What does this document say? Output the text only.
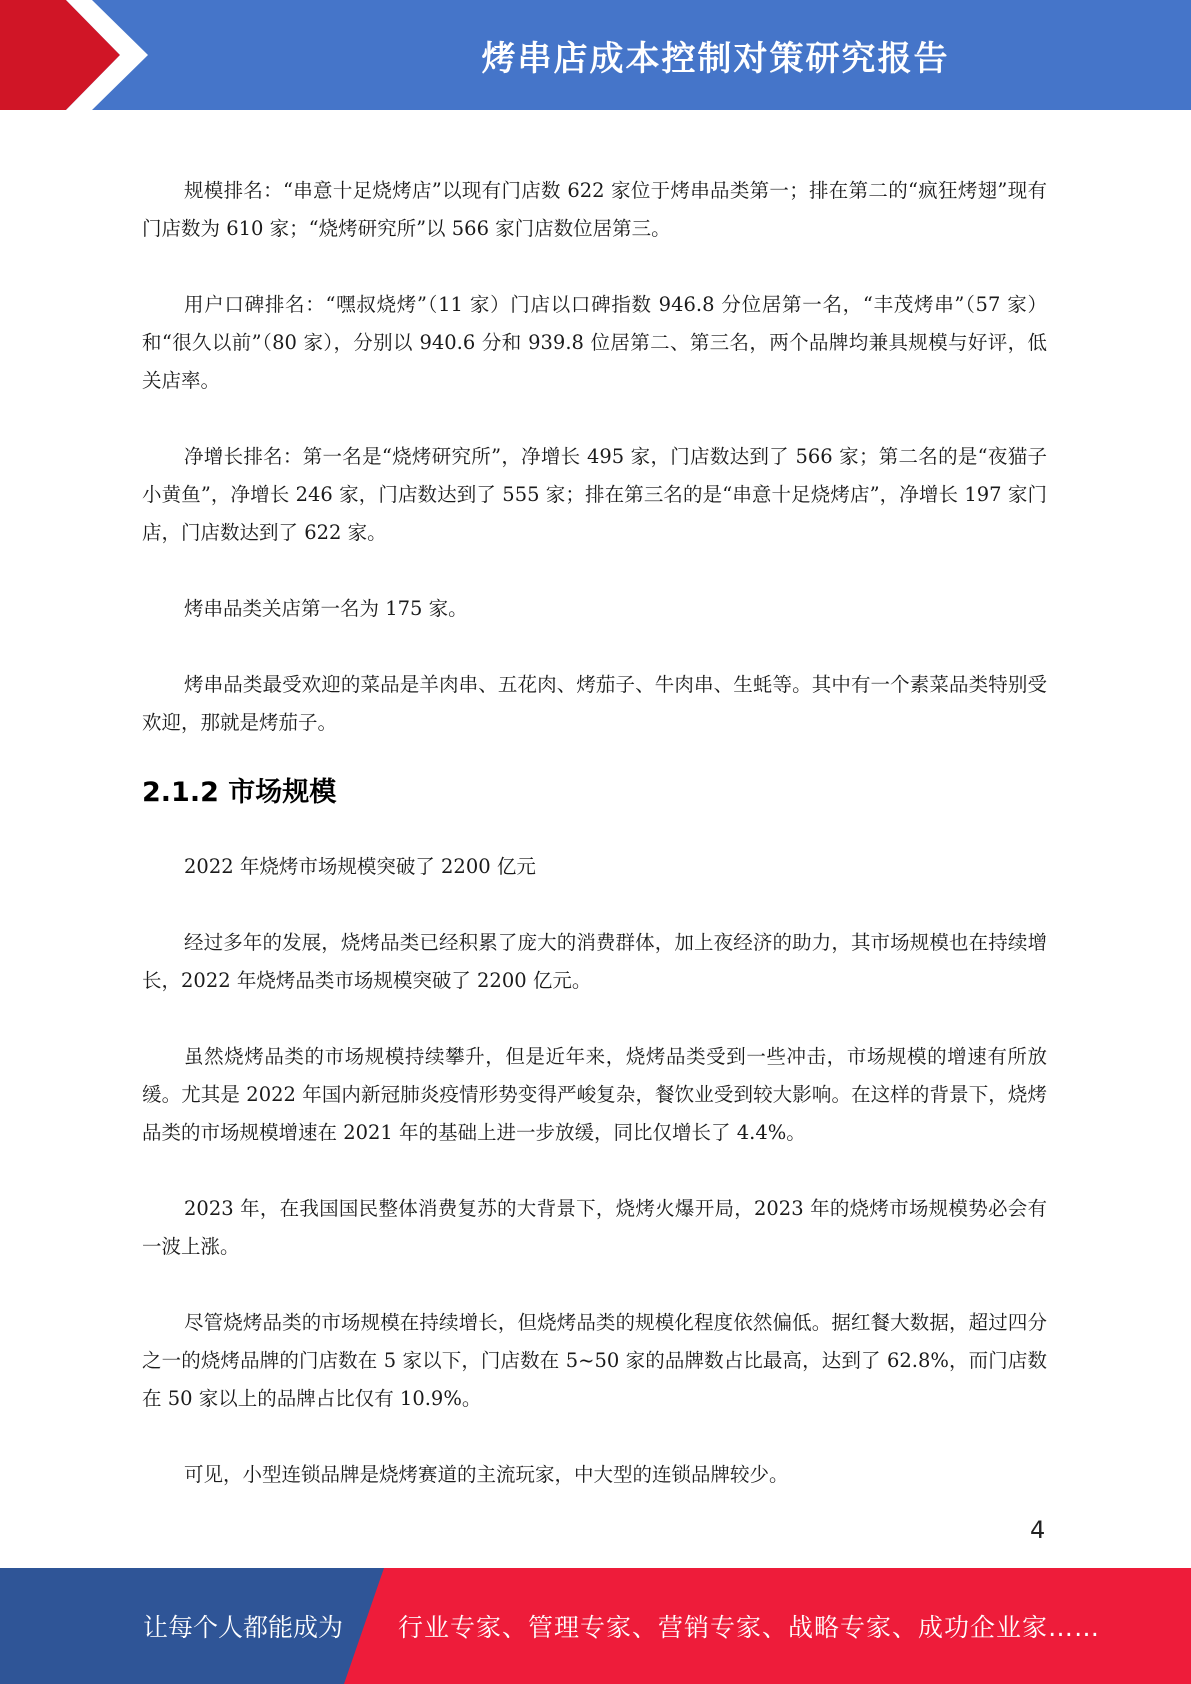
烤串店成本控制对策研究报告

规模排名：“串意十足烧烤店”以现有门店数 622 家位于烤串品类第一；排在第二的“疯狂烤翅”现有门店数为 610 家；“烧烤研究所”以 566 家门店数位居第三。

用户口碑排名：“嘿叔烧烤”（11 家）门店以口碑指数 946.8 分位居第一名，“丰茂烤串”（57 家）和“很久以前”（80 家），分别以 940.6 分和 939.8 位居第二、第三名，两个品牌均兼具规模与好评，低关店率。

净增长排名：第一名是“烧烤研究所”，净增长 495 家，门店数达到了 566 家；第二名的是“夜猫子小黄鱼”，净增长 246 家，门店数达到了 555 家；排在第三名的是“串意十足烧烤店”，净增长 197 家门店，门店数达到了 622 家。

烤串品类关店第一名为 175 家。

烤串品类最受欢迎的菜品是羊肉串、五花肉、烤茄子、牛肉串、生蚝等。其中有一个素菜品类特别受欢迎，那就是烤茄子。

2.1.2 市场规模

2022 年烧烤市场规模突破了 2200 亿元

经过多年的发展，烧烤品类已经积累了庞大的消费群体，加上夜经济的助力，其市场规模也在持续增长，2022 年烧烤品类市场规模突破了 2200 亿元。

虽然烧烤品类的市场规模持续攀升，但是近年来，烧烤品类受到一些冲击，市场规模的增速有所放缓。尤其是 2022 年国内新冠肺炎疫情形势变得严峻复杂，餐饮业受到较大影响。在这样的背景下，烧烤品类的市场规模增速在 2021 年的基础上进一步放缓，同比仅增长了 4.4%。

2023 年，在我国国民整体消费复苏的大背景下，烧烤火爆开局，2023 年的烧烤市场规模势必会有一波上涨。

尽管烧烤品类的市场规模在持续增长，但烧烤品类的规模化程度依然偏低。据红餐大数据，超过四分之一的烧烤品牌的门店数在 5 家以下，门店数在 5~50 家的品牌数占比最高，达到了 62.8%，而门店数在 50 家以上的品牌占比仅有 10.9%。

可见，小型连锁品牌是烧烤赛道的主流玩家，中大型的连锁品牌较少。

4
让每个人都能成为 行业专家、管理专家、营销专家、战略专家、成功企业家……
